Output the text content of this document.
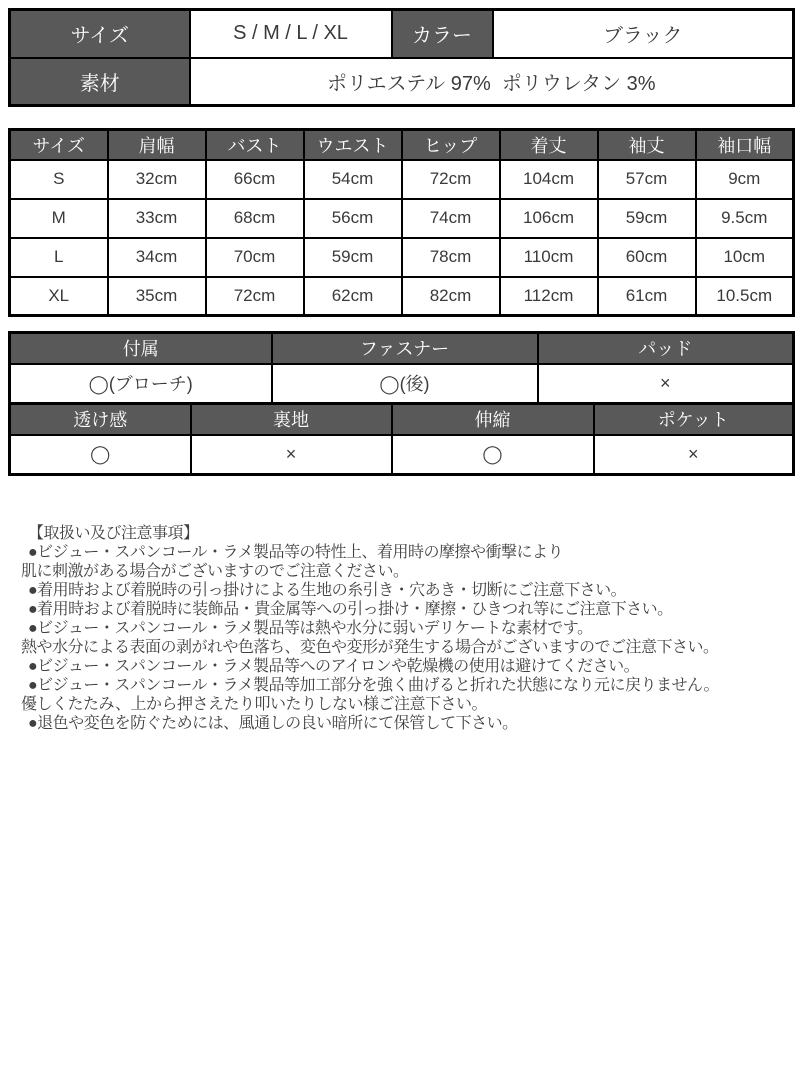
サイズ	S / M / L / XL	カラー	ブラック
素材	ポリエステル 97%  ポリウレタン 3%		
サイズ	肩幅	バスト	ウエスト	ヒップ	着丈	袖丈	袖口幅
S	32cm	66cm	54cm	72cm	104cm	57cm	9cm
M	33cm	68cm	56cm	74cm	106cm	59cm	9.5cm
L	34cm	70cm	59cm	78cm	110cm	60cm	10cm
XL	35cm	72cm	62cm	82cm	112cm	61cm	10.5cm
付属	ファスナー	パッド
◯(ブローチ)	◯(後)	×
透け感	裏地	伸縮	ポケット
◯	×	◯	×
【取扱い及び注意事項】
●ビジュー・スパンコール・ラメ製品等の特性上、着用時の摩擦や衝撃により
肌に刺激がある場合がございますのでご注意ください。
●着用時および着脱時の引っ掛けによる生地の糸引き・穴あき・切断にご注意下さい。
●着用時および着脱時に装飾品・貴金属等への引っ掛け・摩擦・ひきつれ等にご注意下さい。
●ビジュー・スパンコール・ラメ製品等は熱や水分に弱いデリケートな素材です。
熱や水分による表面の剥がれや色落ち、変色や変形が発生する場合がございますのでご注意下さい。
●ビジュー・スパンコール・ラメ製品等へのアイロンや乾燥機の使用は避けてください。
●ビジュー・スパンコール・ラメ製品等加工部分を強く曲げると折れた状態になり元に戻りません。
優しくたたみ、上から押さえたり叩いたりしない様ご注意下さい。
●退色や変色を防ぐためには、風通しの良い暗所にて保管して下さい。
